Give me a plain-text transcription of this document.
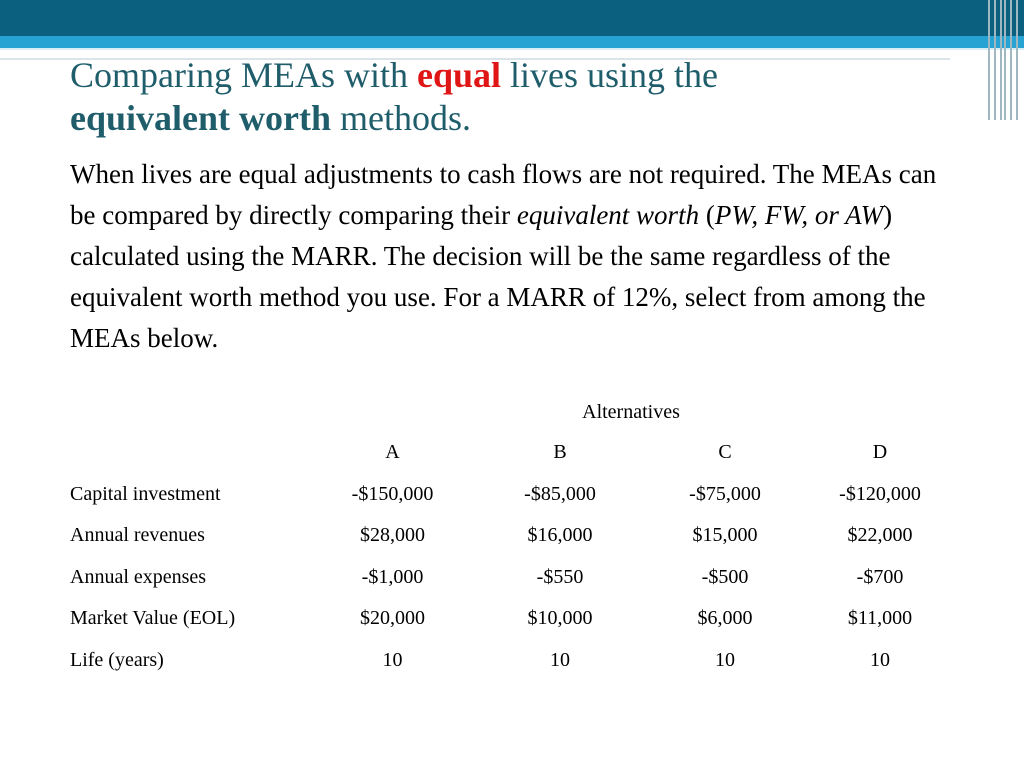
Comparing MEAs with equal lives using the
equivalent worth methods.

When lives are equal adjustments to cash flows are not required. The MEAs can be compared by directly comparing their equivalent worth (PW, FW, or AW) calculated using the MARR. The decision will be the same regardless of the equivalent worth method you use. For a MARR of 12%, select from among the MEAs below.

Alternatives
	A	B	C	D
Capital investment	-$150,000	-$85,000	-$75,000	-$120,000
Annual revenues	$28,000	$16,000	$15,000	$22,000
Annual expenses	-$1,000	-$550	-$500	-$700
Market Value (EOL)	$20,000	$10,000	$6,000	$11,000
Life (years)	10	10	10	10
